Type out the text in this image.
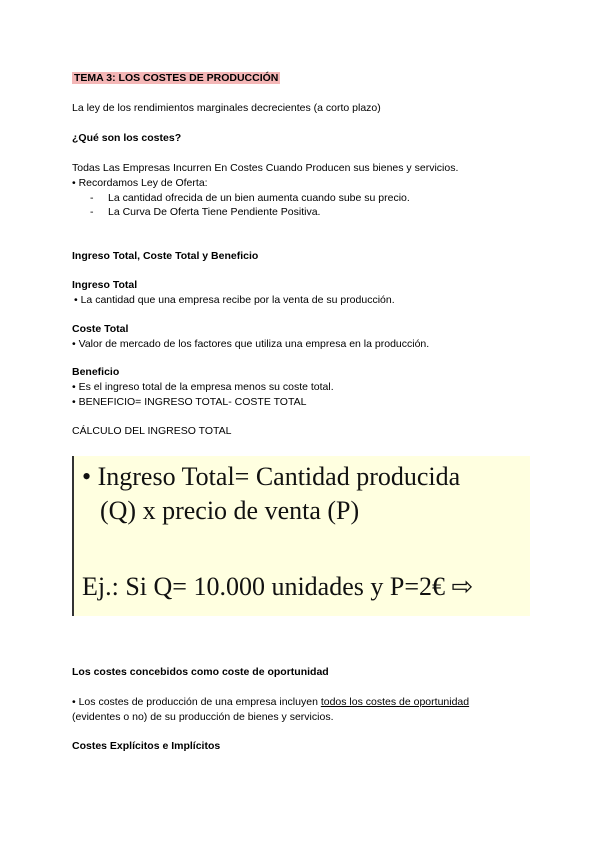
TEMA 3: LOS COSTES DE PRODUCCIÓN
La ley de los rendimientos marginales decrecientes (a corto plazo)
¿Qué son los costes?
Todas Las Empresas Incurren En Costes Cuando Producen sus bienes y servicios.
• Recordamos Ley de Oferta:
- La cantidad ofrecida de un bien aumenta cuando sube su precio.
- La Curva De Oferta Tiene Pendiente Positiva.
Ingreso Total, Coste Total y Beneficio
Ingreso Total
• La cantidad que una empresa recibe por la venta de su producción.
Coste Total
• Valor de mercado de los factores que utiliza una empresa en la producción.
Beneficio
• Es el ingreso total de la empresa menos su coste total.
• BENEFICIO= INGRESO TOTAL- COSTE TOTAL
CÁLCULO DEL INGRESO TOTAL
• Ingreso Total= Cantidad producida
(Q) x precio de venta (P)
Ej.: Si Q= 10.000 unidades y P=2€ ⇨
Los costes concebidos como coste de oportunidad
• Los costes de producción de una empresa incluyen todos los costes de oportunidad
(evidentes o no) de su producción de bienes y servicios.
Costes Explícitos e Implícitos
